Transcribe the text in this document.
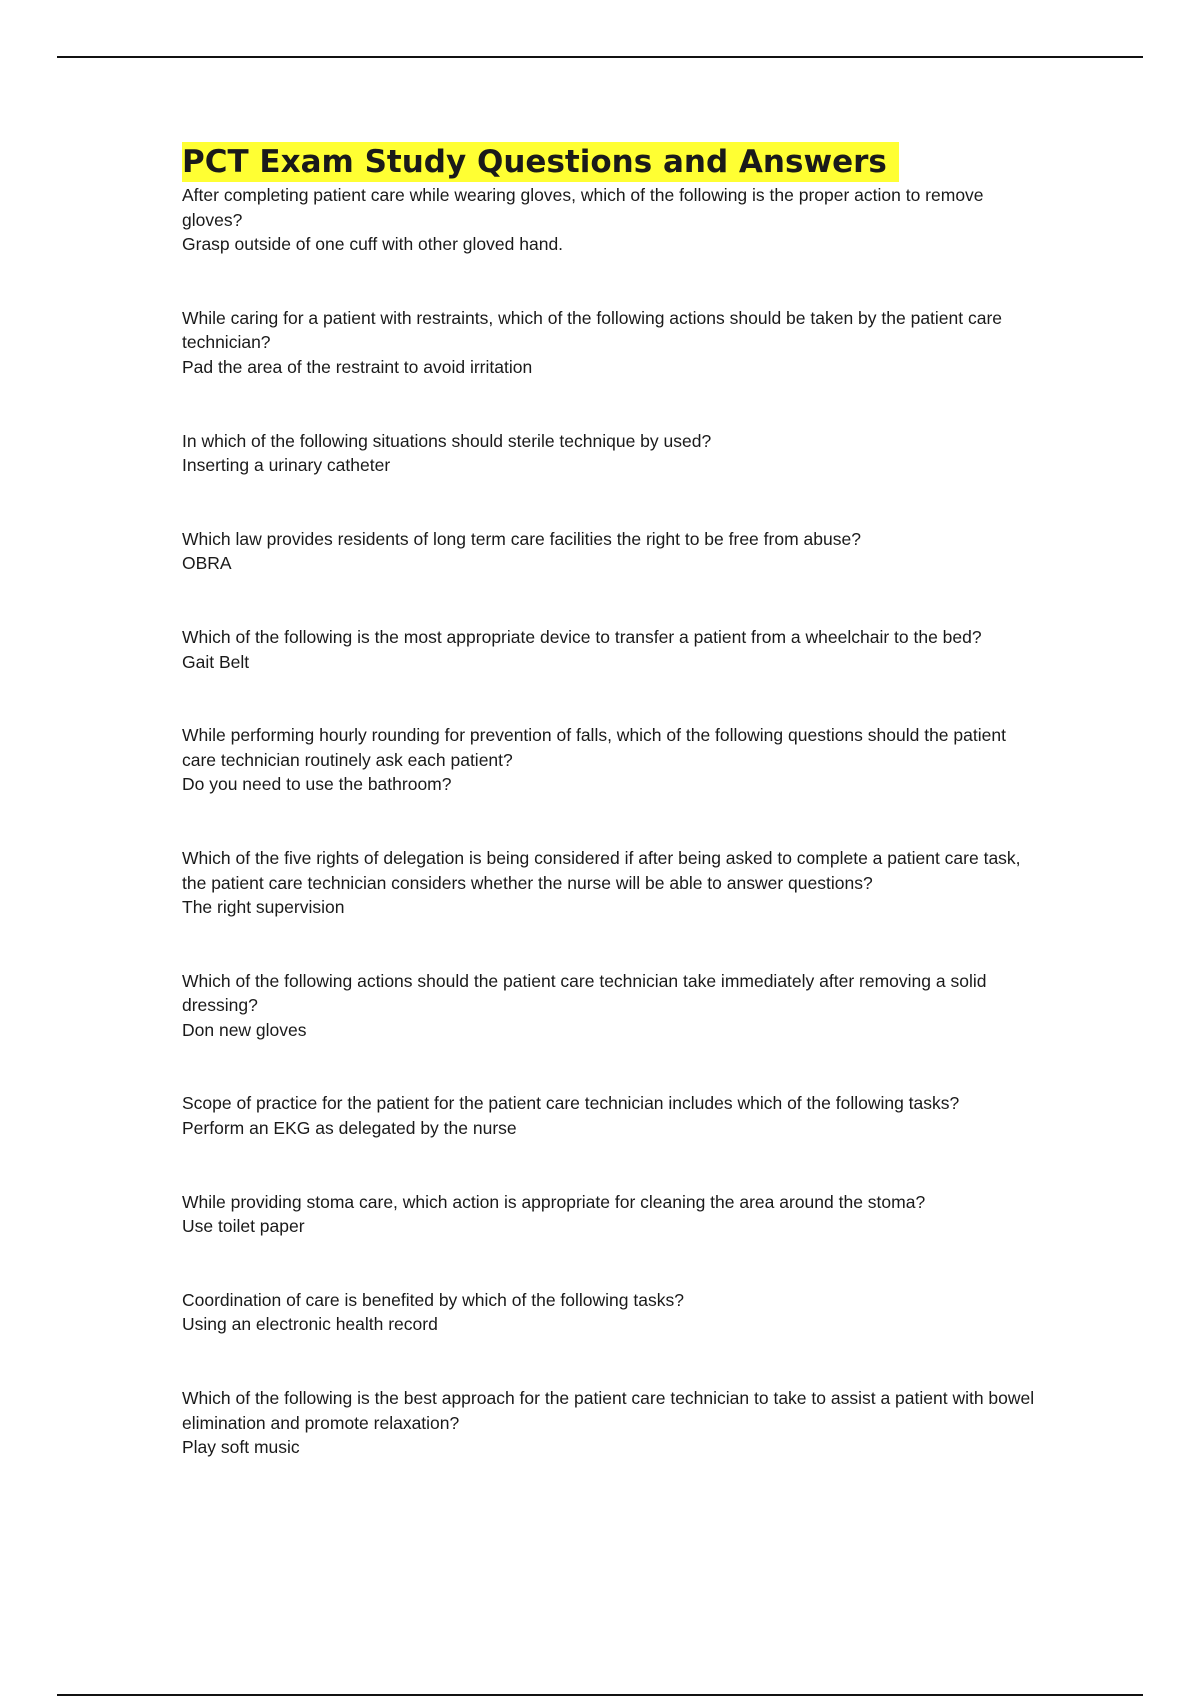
PCT Exam Study Questions and Answers
After completing patient care while wearing gloves, which of the following is the proper action to remove gloves?
Grasp outside of one cuff with other gloved hand.
While caring for a patient with restraints, which of the following actions should be taken by the patient care technician?
Pad the area of the restraint to avoid irritation
In which of the following situations should sterile technique by used?
Inserting a urinary catheter
Which law provides residents of long term care facilities the right to be free from abuse?
OBRA
Which of the following is the most appropriate device to transfer a patient from a wheelchair to the bed?
Gait Belt
While performing hourly rounding for prevention of falls, which of the following questions should the patient care technician routinely ask each patient?
Do you need to use the bathroom?
Which of the five rights of delegation is being considered if after being asked to complete a patient care task, the patient care technician considers whether the nurse will be able to answer questions?
The right supervision
Which of the following actions should the patient care technician take immediately after removing a solid dressing?
Don new gloves
Scope of practice for the patient for the patient care technician includes which of the following tasks?
Perform an EKG as delegated by the nurse
While providing stoma care, which action is appropriate for cleaning the area around the stoma?
Use toilet paper
Coordination of care is benefited by which of the following tasks?
Using an electronic health record
Which of the following is the best approach for the patient care technician to take to assist a patient with bowel elimination and promote relaxation?
Play soft music
